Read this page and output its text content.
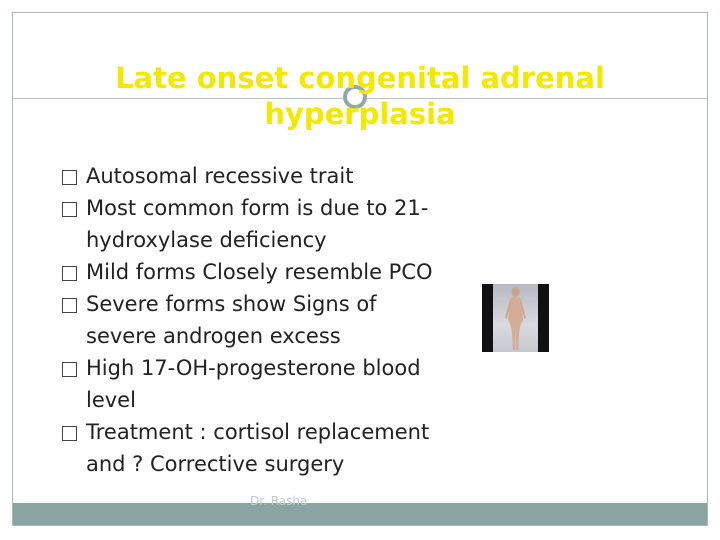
Late onset congenital adrenal hyperplasia
Autosomal recessive trait
Most common form is due to 21-hydroxylase deficiency
Mild forms Closely resemble PCO
Severe forms show Signs of severe androgen excess
High 17-OH-progesterone blood level
Treatment : cortisol replacement and ? Corrective surgery
Dr. Rasha
